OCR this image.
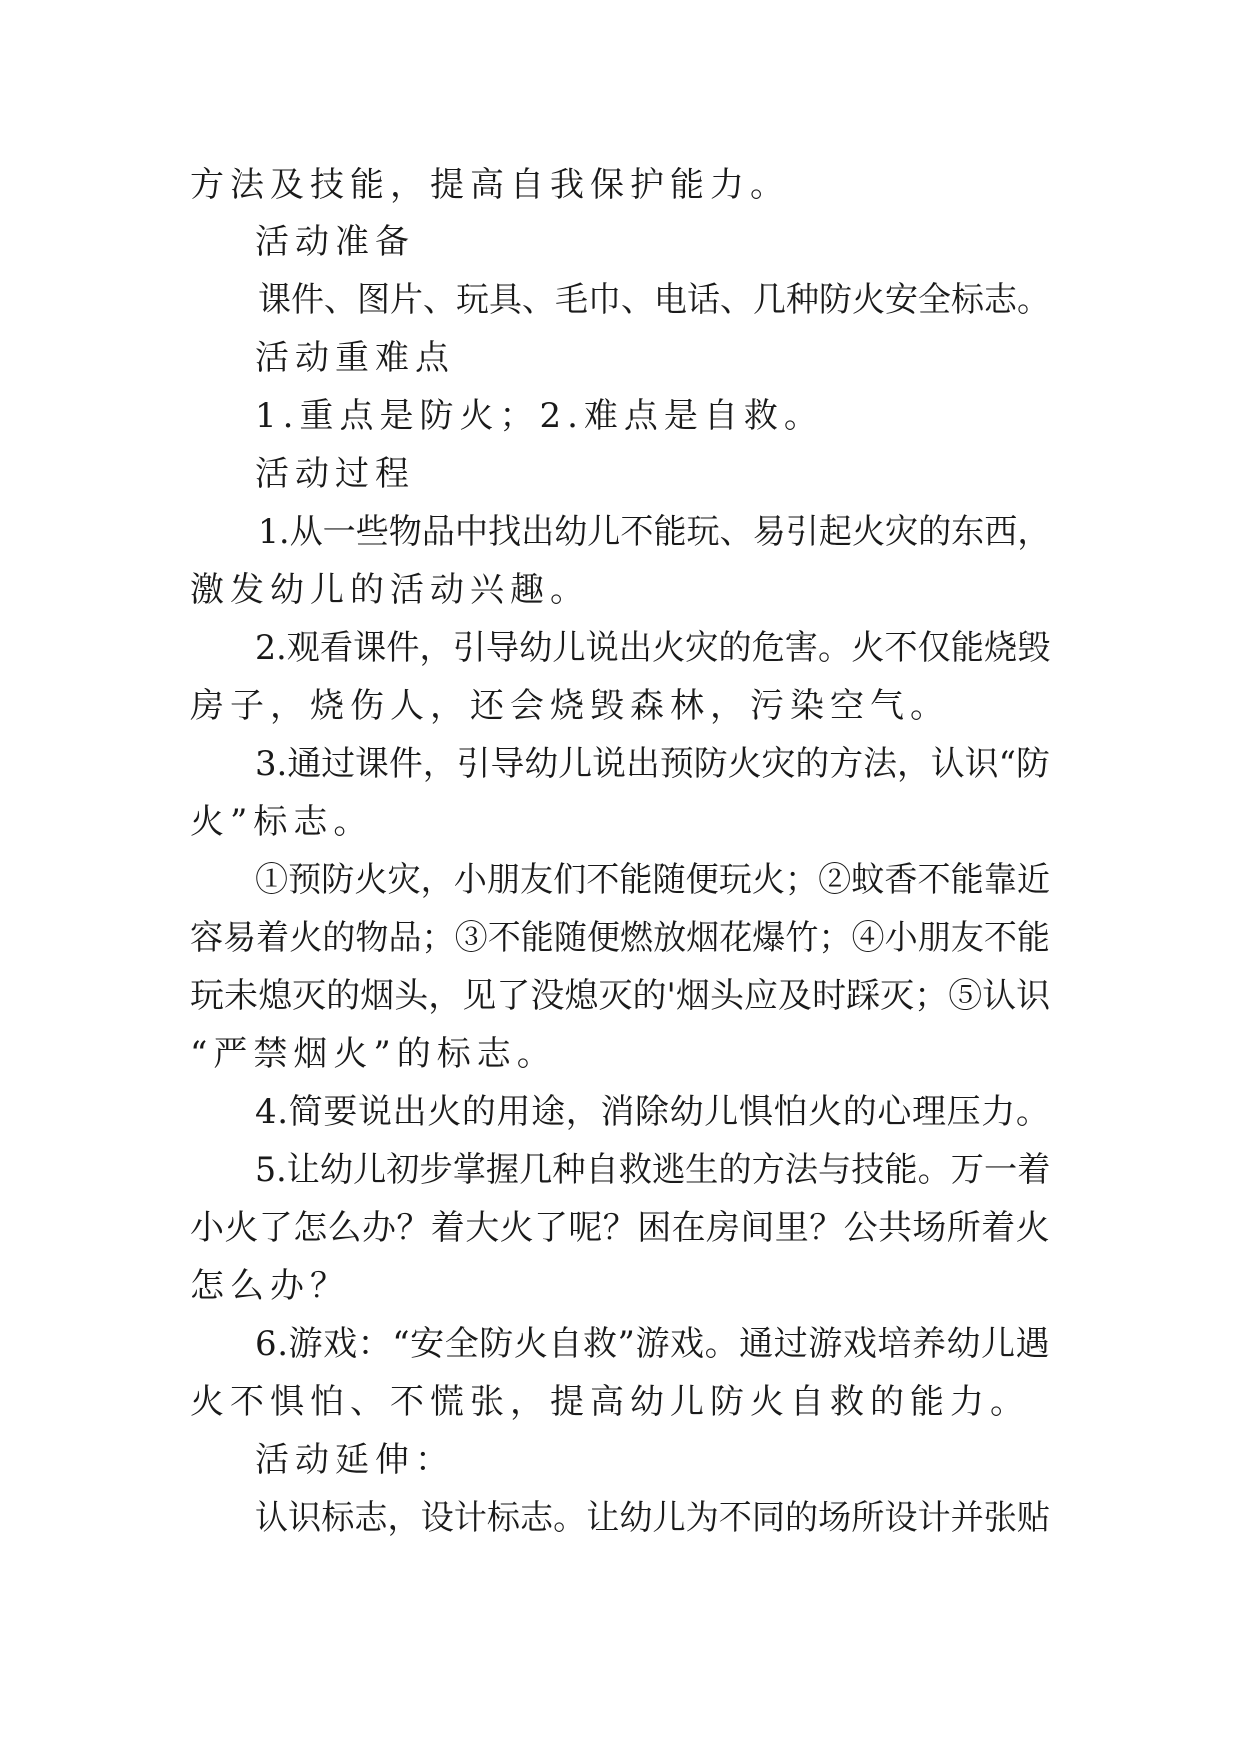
方法及技能，提高自我保护能力。
活动准备
课件、图片、玩具、毛巾、电话、几种防火安全标志。
活动重难点
1.重点是防火；2.难点是自救。
活动过程
1.从一些物品中找出幼儿不能玩、易引起火灾的东西，
激发幼儿的活动兴趣。
2.观看课件，引导幼儿说出火灾的危害。火不仅能烧毁
房子，烧伤人，还会烧毁森林，污染空气。
3.通过课件，引导幼儿说出预防火灾的方法，认识“防
火”标志。
①预防火灾，小朋友们不能随便玩火；②蚊香不能靠近
容易着火的物品；③不能随便燃放烟花爆竹；④小朋友不能
玩未熄灭的烟头，见了没熄灭的'烟头应及时踩灭；⑤认识
“严禁烟火”的标志。
4.简要说出火的用途，消除幼儿惧怕火的心理压力。
5.让幼儿初步掌握几种自救逃生的方法与技能。万一着
小火了怎么办？着大火了呢？困在房间里？公共场所着火
怎么办？
6.游戏：“安全防火自救”游戏。通过游戏培养幼儿遇
火不惧怕、不慌张，提高幼儿防火自救的能力。
活动延伸：
认识标志，设计标志。让幼儿为不同的场所设计并张贴
